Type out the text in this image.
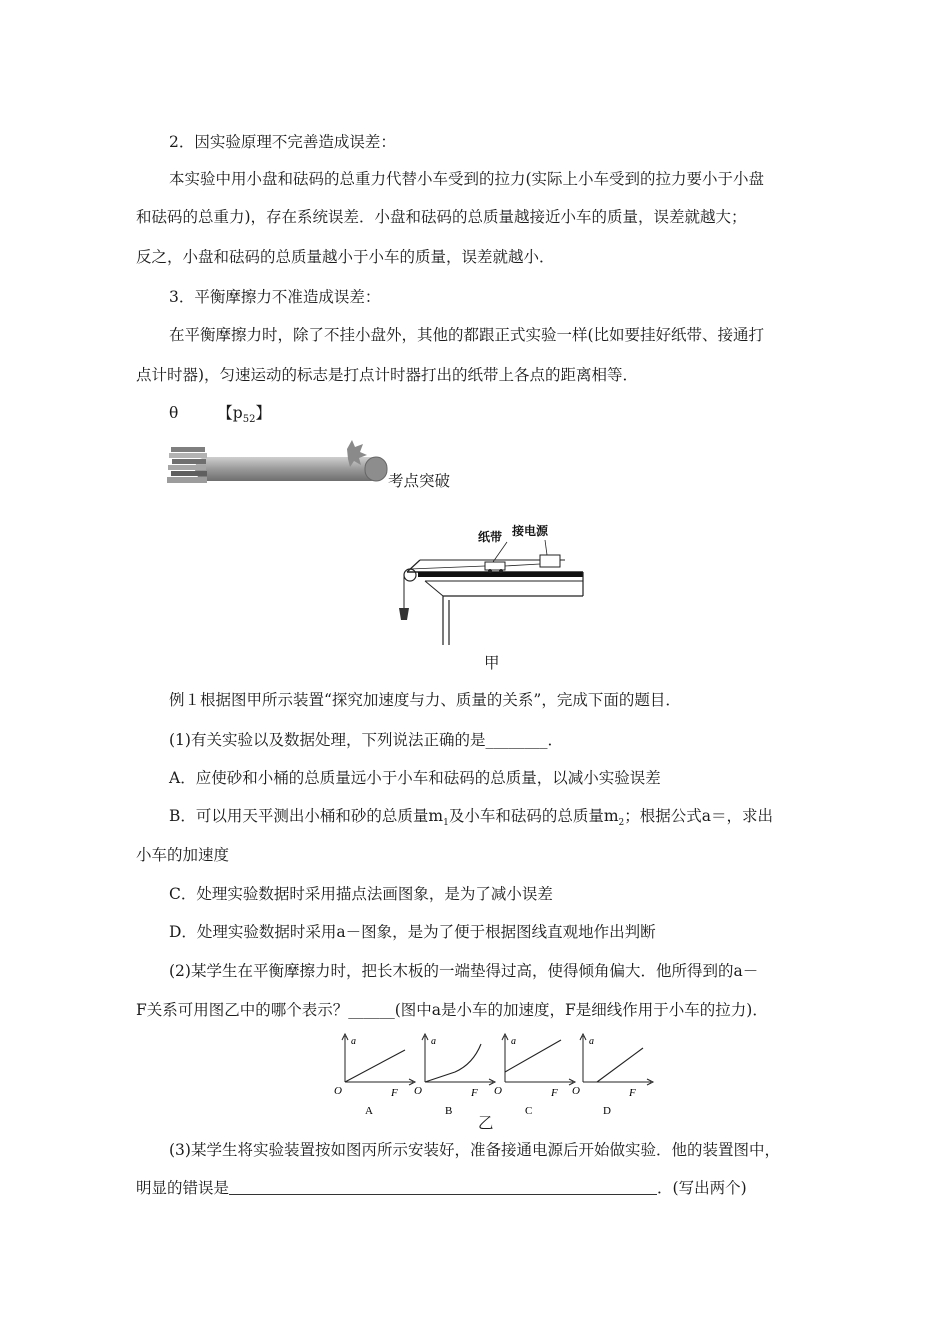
2．因实验原理不完善造成误差：
本实验中用小盘和砝码的总重力代替小车受到的拉力(实际上小车受到的拉力要小于小盘
和砝码的总重力)，存在系统误差．小盘和砝码的总质量越接近小车的质量，误差就越大；
反之，小盘和砝码的总质量越小于小车的质量，误差就越小．
3．平衡摩擦力不准造成误差：
在平衡摩擦力时，除了不挂小盘外，其他的都跟正式实验一样(比如要挂好纸带、接通打
点计时器)，匀速运动的标志是打点计时器打出的纸带上各点的距离相等．
θ	【$p_{52}$】
考点突破
纸带 接电源
甲
例１根据图甲所示装置“探究加速度与力、质量的关系”，完成下面的题目．
(1)有关实验以及数据处理，下列说法正确的是________．
A．应使砂和小桶的总质量远小于小车和砝码的总质量，以减小实验误差
B．可以用天平测出小桶和砂的总质量$m_1$及小车和砝码的总质量$m_2$；根据公式a＝，求出
小车的加速度
C．处理实验数据时采用描点法画图象，是为了减小误差
D．处理实验数据时采用a－图象，是为了便于根据图线直观地作出判断
(2)某学生在平衡摩擦力时，把长木板的一端垫得过高，使得倾角偏大．他所得到的a－
F关系可用图乙中的哪个表示？______(图中a是小车的加速度，F是细线作用于小车的拉力)．
a
F
O
A
a
F
O
B
a
F
O
C
a
F
O
D
乙
(3)某学生将实验装置按如图丙所示安装好，准备接通电源后开始做实验．他的装置图中，
明显的错误是	．(写出两个)
